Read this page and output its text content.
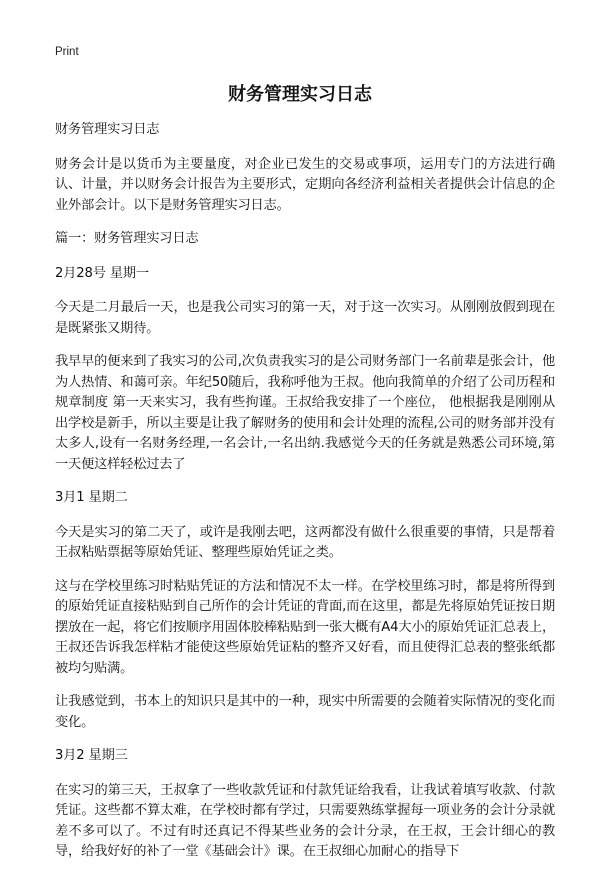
Print
财务管理实习日志

财务管理实习日志

财务会计是以货币为主要量度，对企业已发生的交易或事项，运用专门的方法进行确认、计量，并以财务会计报告为主要形式，定期向各经济利益相关者提供会计信息的企业外部会计。以下是财务管理实习日志。

篇一：财务管理实习日志

2月28号 星期一

今天是二月最后一天，也是我公司实习的第一天，对于这一次实习。从刚刚放假到现在是既紧张又期待。

我早早的便来到了我实习的公司,次负责我实习的是公司财务部门一名前辈是张会计，他为人热情、和蔼可亲。年纪50随后，我称呼他为王叔。他向我简单的介绍了公司历程和规章制度 第一天来实习，我有些拘谨。王叔给我安排了一个座位， 他根据我是刚刚从出学校是新手，所以主要是让我了解财务的使用和会计处理的流程,公司的财务部并没有太多人,设有一名财务经理,一名会计,一名出纳.我感觉今天的任务就是熟悉公司环境,第一天便这样轻松过去了

3月1 星期二

今天是实习的第二天了，或许是我刚去吧，这两都没有做什么很重要的事情，只是帮着王叔粘贴票据等原始凭证、整理些原始凭证之类。

这与在学校里练习时粘贴凭证的方法和情况不太一样。在学校里练习时，都是将所得到的原始凭证直接粘贴到自己所作的会计凭证的背面,而在这里，都是先将原始凭证按日期摆放在一起，将它们按顺序用固体胶棒粘贴到一张大概有A4大小的原始凭证汇总表上，王叔还告诉我怎样粘才能使这些原始凭证粘的整齐又好看，而且使得汇总表的整张纸都被均匀贴满。

让我感觉到，书本上的知识只是其中的一种，现实中所需要的会随着实际情况的变化而变化。

3月2 星期三

在实习的第三天，王叔拿了一些收款凭证和付款凭证给我看，让我试着填写收款、付款凭证。这些都不算太难，在学校时都有学过，只需要熟练掌握每一项业务的会计分录就差不多可以了。不过有时还真记不得某些业务的会计分录，在王叔，王会计细心的教导，给我好好的补了一堂《基础会计》课。在王叔细心加耐心的指导下
